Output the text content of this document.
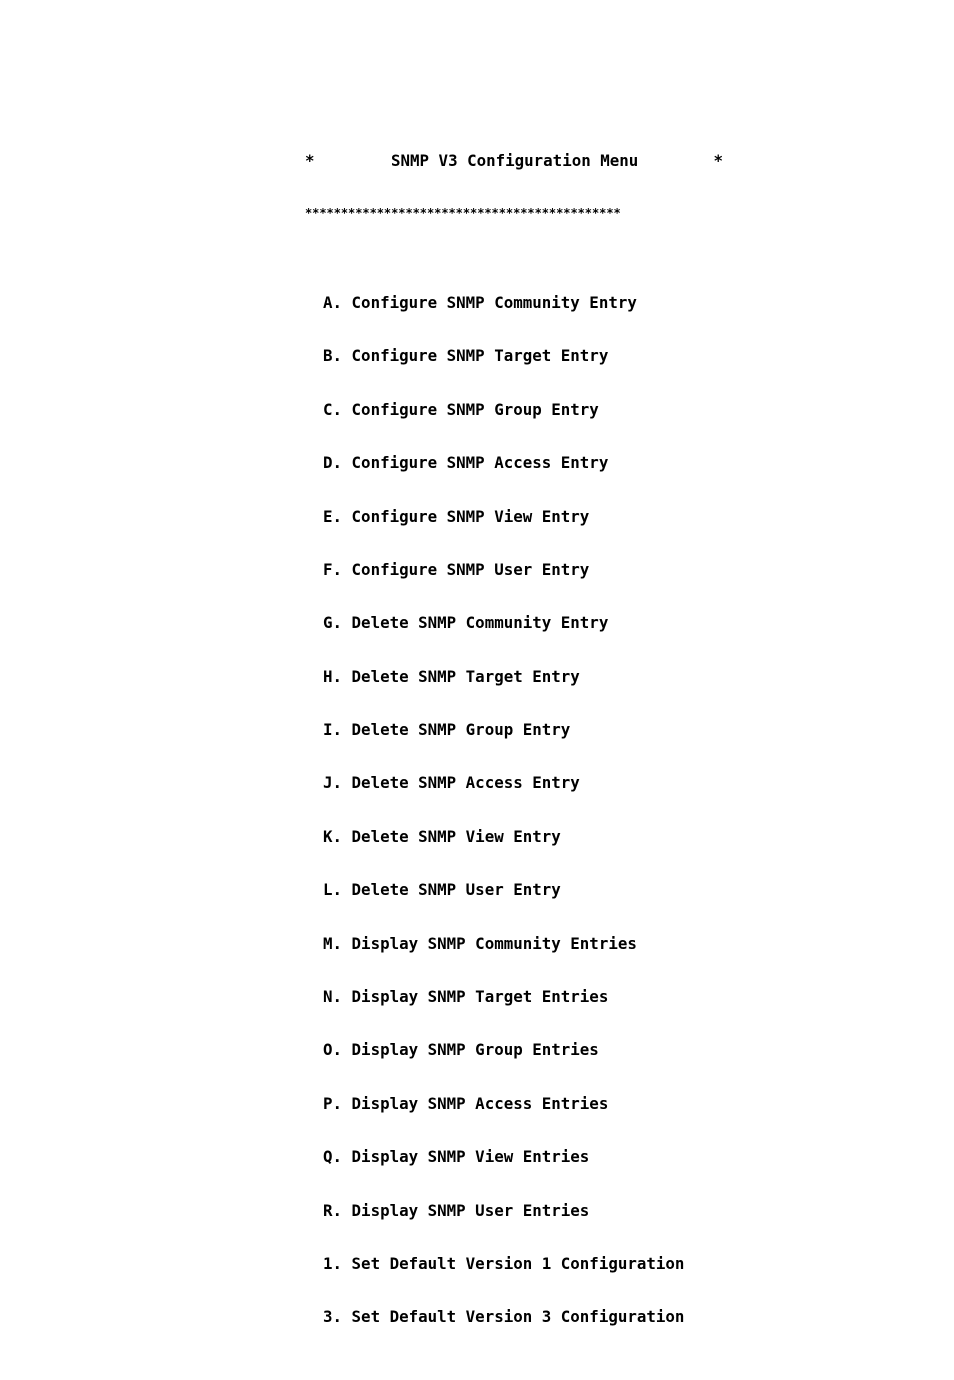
*

	SNMP V3 Configuration Menu

	*

********************************************

A. Configure SNMP Community Entry

B. Configure SNMP Target Entry

C. Configure SNMP Group Entry

D. Configure SNMP Access Entry

E. Configure SNMP View Entry

F. Configure SNMP User Entry

G. Delete SNMP Community Entry

H. Delete SNMP Target Entry

I. Delete SNMP Group Entry

J. Delete SNMP Access Entry

K. Delete SNMP View Entry

L. Delete SNMP User Entry

M. Display SNMP Community Entries

N. Display SNMP Target Entries

O. Display SNMP Group Entries

P. Display SNMP Access Entries

Q. Display SNMP View Entries

R. Display SNMP User Entries

1. Set Default Version 1 Configuration

3. Set Default Version 3 Configuration
